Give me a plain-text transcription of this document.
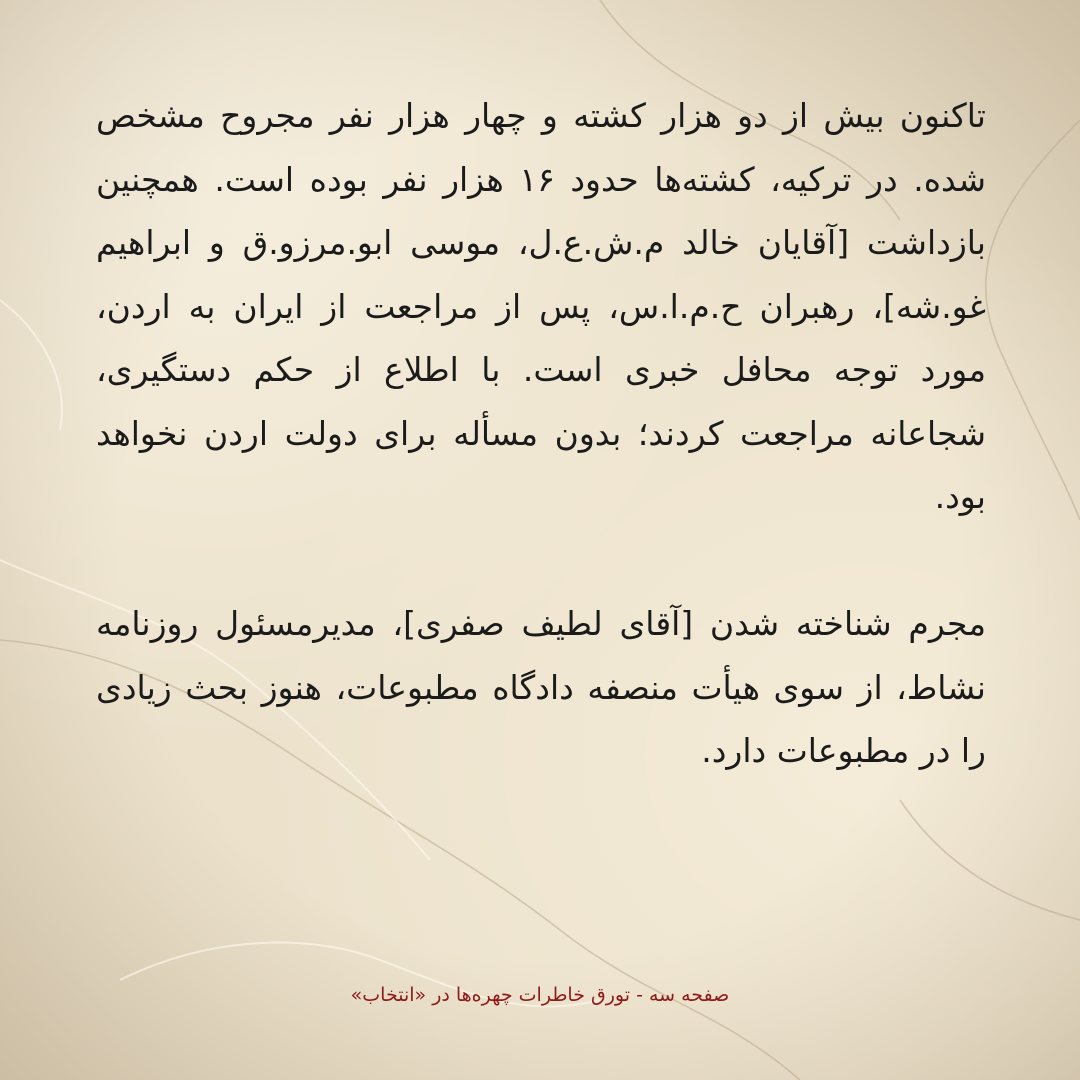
تاکنون بیش از دو هزار کشته و چهار هزار نفر مجروح مشخص شده. در ترکیه، کشته‌ها حدود ۱۶ هزار نفر بوده است. همچنین بازداشت [آقایان خالد م.ش.ع.ل، موسی ابو.مرزو.ق و ابراهیم غو.شه]، رهبران ح.م.ا.س، پس از مراجعت از ایران به اردن، مورد توجه محافل خبری است. با اطلاع از حکم دستگیری، شجاعانه مراجعت کردند؛ بدون مسأله برای دولت اردن نخواهد بود.

مجرم شناخته شدن [آقای لطیف صفری]، مدیرمسئول روزنامه نشاط، از سوی هیأت منصفه دادگاه مطبوعات، هنوز بحث زیادی را در مطبوعات دارد.

صفحه سه - تورق خاطرات چهره‌ها در «انتخاب»
